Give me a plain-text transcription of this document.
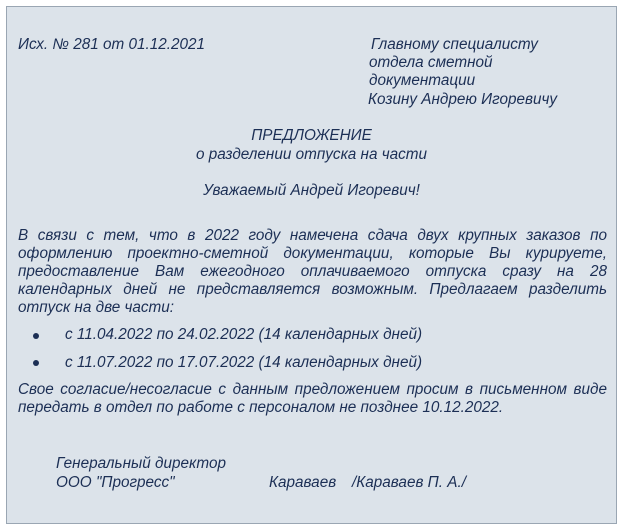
Исх. № 281 от 01.12.2021	Главному специалисту
отдела сметной
документации
Козину Андрею Игоревичу
ПРЕДЛОЖЕНИЕ
о разделении отпуска на части
Уважаемый Андрей Игоревич!
В связи с тем, что в 2022 году намечена сдача двух крупных заказов по оформлению проектно-сметной документации, которые Вы курируете, предоставление Вам ежегодного оплачиваемого отпуска сразу на 28 календарных дней не представляется возможным. Предлагаем разделить отпуск на две части:
с 11.04.2022 по 24.02.2022 (14 календарных дней)
с 11.07.2022 по 17.07.2022 (14 календарных дней)
Свое согласие/несогласие с данным предложением просим в письменном виде передать в отдел по работе с персоналом не позднее 10.12.2022.
Генеральный директор
ООО "Прогресс"	Караваев /Караваев П. А./
